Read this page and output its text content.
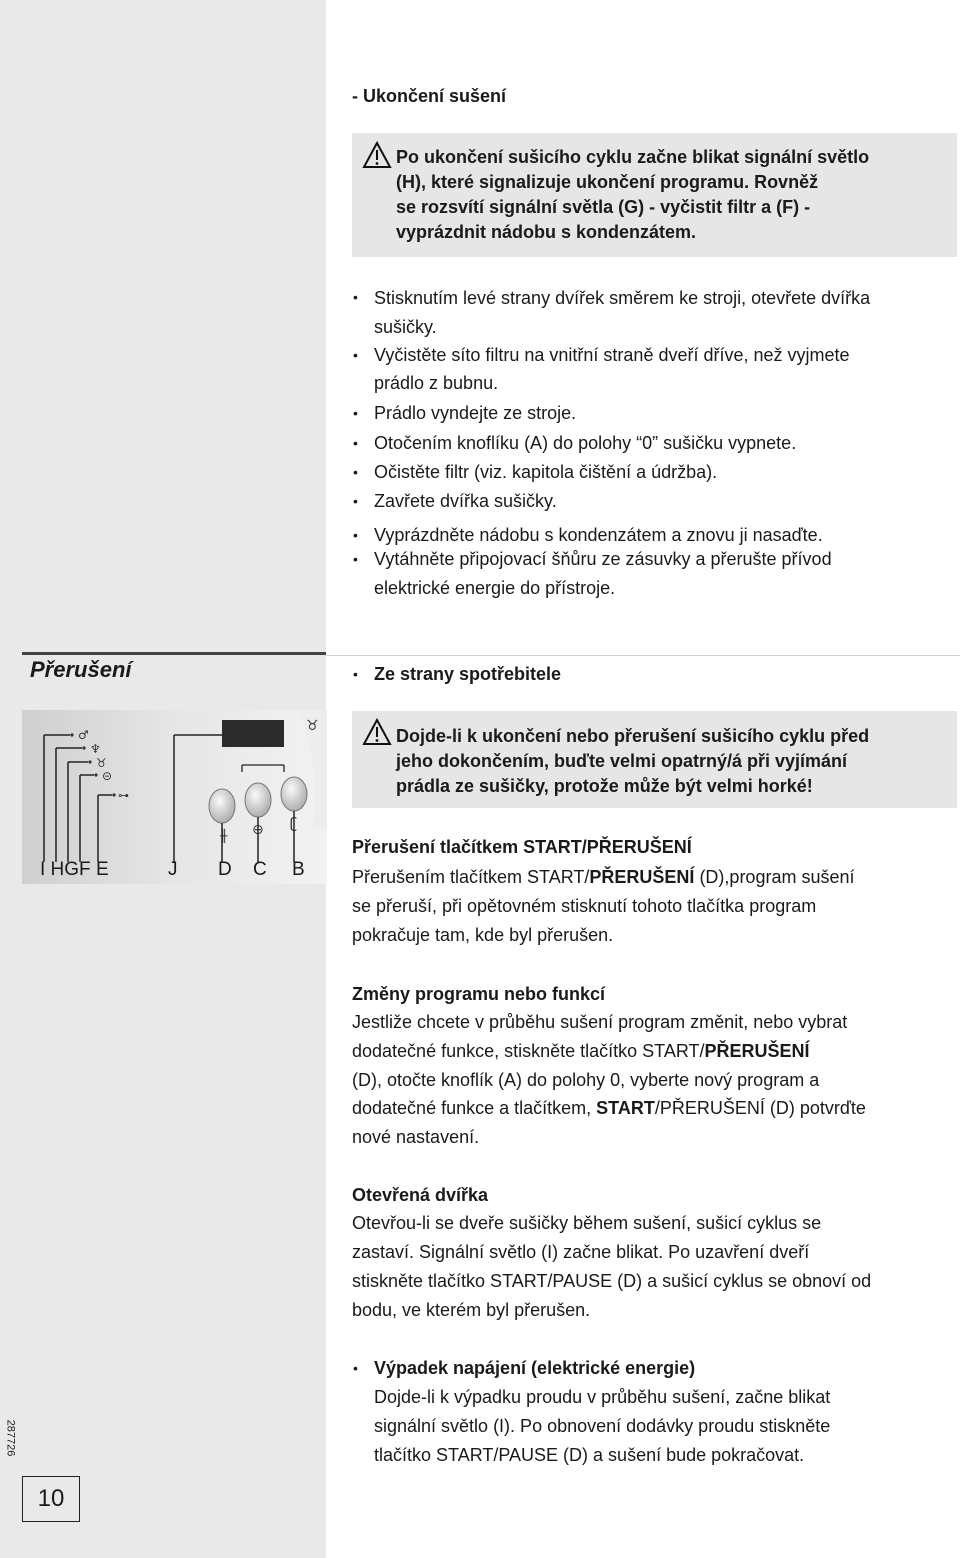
- Ukončení sušení
Po ukončení sušicího cyklu začne blikat signální světlo
(H), které signalizuje ukončení programu. Rovněž
se rozsvítí signální světla (G) - vyčistit filtr a (F) -
vyprázdnit nádobu s kondenzátem.
• Stisknutím levé strany dvířek směrem ke stroji, otevřete dvířka
sušičky.
• Vyčistěte síto filtru na vnitřní straně dveří dříve, než vyjmete
prádlo z bubnu.
• Prádlo vyndejte ze stroje.
• Otočením knoflíku (A) do polohy “0” sušičku vypnete.
• Očistěte filtr (viz. kapitola čištění a údržba).
• Zavřete dvířka sušičky.
• Vyprázdněte nádobu s kondenzátem a znovu ji nasaďte.
• Vytáhněte připojovací šňůru ze zásuvky a přerušte přívod
elektrické energie do přístroje.
Přerušení
♂
♆
♉
⊝
⊶
♉
╫ ⊕ ʗ
I HGF E	J D C B
• Ze strany spotřebitele
Dojde-li k ukončení nebo přerušení sušicího cyklu před
jeho dokončením, buďte velmi opatrný/á při vyjímání
prádla ze sušičky, protože může být velmi horké!
Přerušení tlačítkem START/PŘERUŠENÍ
Přerušením tlačítkem START/PŘERUŠENÍ (D),program sušení
se přeruší, při opětovném stisknutí tohoto tlačítka program
pokračuje tam, kde byl přerušen.
Změny programu nebo funkcí
Jestliže chcete v průběhu sušení program změnit, nebo vybrat
dodatečné funkce, stiskněte tlačítko START/PŘERUŠENÍ
(D), otočte knoflík (A) do polohy 0, vyberte nový program a
dodatečné funkce a tlačítkem, START/PŘERUŠENÍ (D) potvrďte
nové nastavení.
Otevřená dvířka
Otevřou-li se dveře sušičky během sušení, sušicí cyklus se
zastaví. Signální světlo (I) začne blikat. Po uzavření dveří
stiskněte tlačítko START/PAUSE (D) a sušicí cyklus se obnoví od
bodu, ve kterém byl přerušen.
• Výpadek napájení (elektrické energie)
Dojde-li k výpadku proudu v průběhu sušení, začne blikat
signální světlo (I). Po obnovení dodávky proudu stiskněte
tlačítko START/PAUSE (D) a sušení bude pokračovat.
287726
10
